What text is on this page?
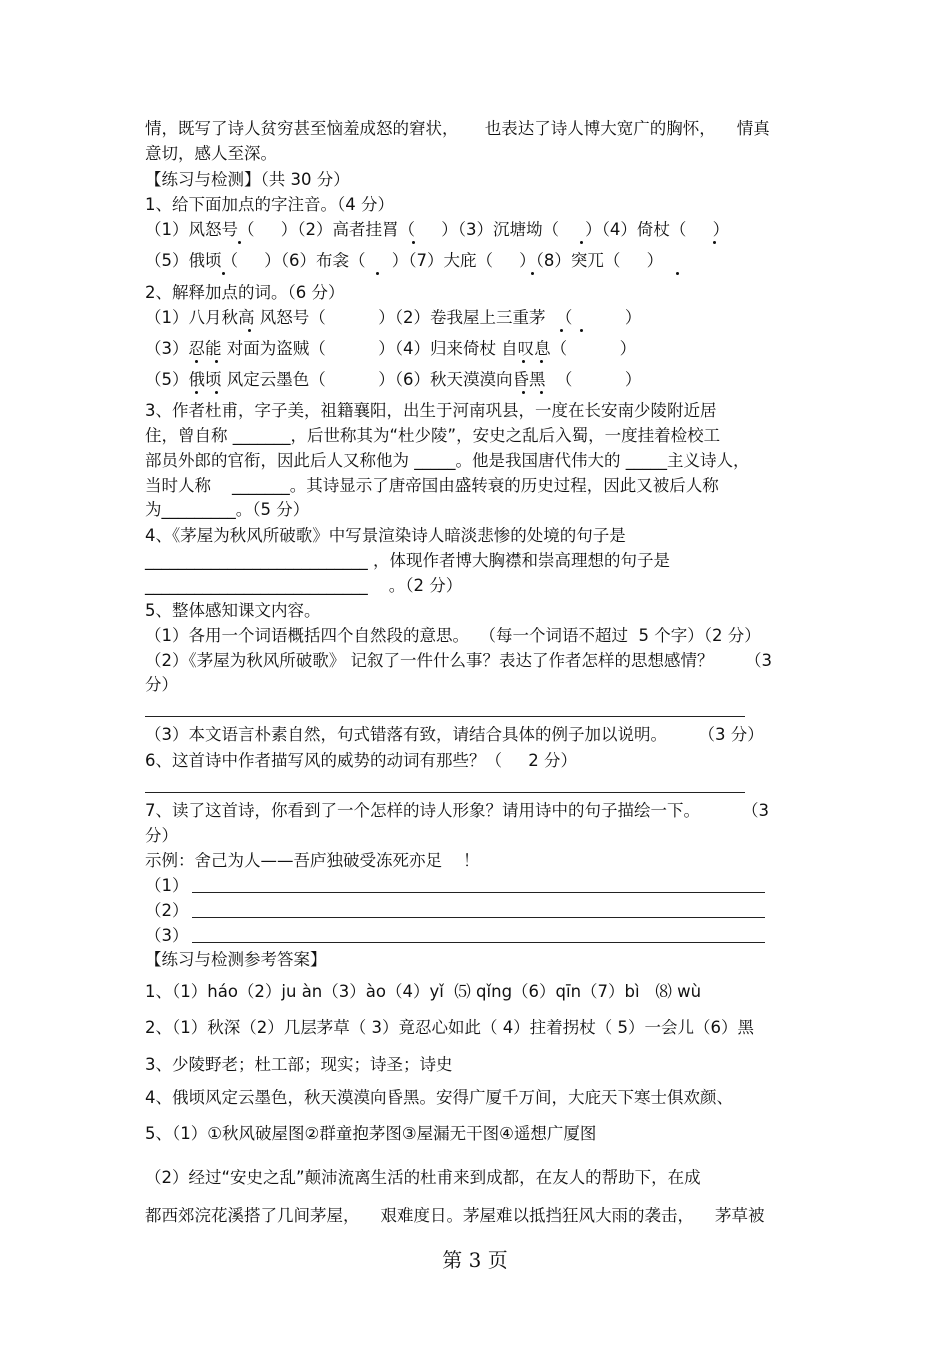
情，既写了诗人贫穷甚至恼羞成怒的窘状，     也表达了诗人博大宽广的胸怀，    情真
意切，感人至深。
【练习与检测】（共 30 分）
1、给下面加点的字注音。（4 分）
（1）风怒号（     ）（2）高者挂罥（     ）（3）沉塘坳（     ）（4）倚杖（     ）
（5）俄顷（     ）（6）布衾（     ）（7）大庇（     ）（8）突兀（     ）
2、解释加点的词。（6 分）
（1）八月秋高 风怒号（          ）（2）卷我屋上三重茅  （          ）
（3）忍能 对面为盗贼（          ）（4）归来倚杖 自叹息（          ）
（5）俄顷 风定云墨色（          ）（6）秋天漠漠向昏黑  （          ）
3、作者杜甫，字子美，祖籍襄阳，出生于河南巩县，一度在长安南少陵附近居
住，曾自称 _______，后世称其为“杜少陵”，安史之乱后入蜀，一度挂着检校工
部员外郎的官衔，因此后人又称他为 _____。他是我国唐代伟大的 _____主义诗人，
当时人称    _______。其诗显示了唐帝国由盛转衰的历史过程，因此又被后人称
为_________。（5 分）
4、《茅屋为秋风所破歌》中写景渲染诗人暗淡悲惨的处境的句子是
___________________________ ，体现作者博大胸襟和崇高理想的句子是
___________________________    。（2 分）
5、整体感知课文内容。
（1）各用一个词语概括四个自然段的意思。  （每一个词语不超过  5 个字）（2 分）
（2）《茅屋为秋风所破歌》 记叙了一件什么事？表达了作者怎样的思想感情？      （3
分）
（3）本文语言朴素自然，句式错落有致，请结合具体的例子加以说明。      （3 分）
6、这首诗中作者描写风的威势的动词有那些？（     2 分）
7、读了这首诗，你看到了一个怎样的诗人形象？请用诗中的句子描绘一下。        （3
分）
示例：舍己为人——吾庐独破受冻死亦足    ！
（1）
（2）
（3）
【练习与检测参考答案】
1、（1）háo（2）ju àn（3）ào（4）yǐ  ⑸ qǐng（6）qīn（7）bì   ⑻ wù
2、（1）秋深（2）几层茅草（ 3）竟忍心如此（ 4）拄着拐杖（ 5）一会儿（6）黑
3、少陵野老；杜工部；现实；诗圣；诗史
4、俄顷风定云墨色，秋天漠漠向昏黑。安得广厦千万间，大庇天下寒士俱欢颜、
5、（1）①秋风破屋图②群童抱茅图③屋漏无干图④遥想广厦图
（2）经过“安史之乱”颠沛流离生活的杜甫来到成都，在友人的帮助下，在成
都西郊浣花溪搭了几间茅屋，    艰难度日。茅屋难以抵挡狂风大雨的袭击，    茅草被
第 3 页
